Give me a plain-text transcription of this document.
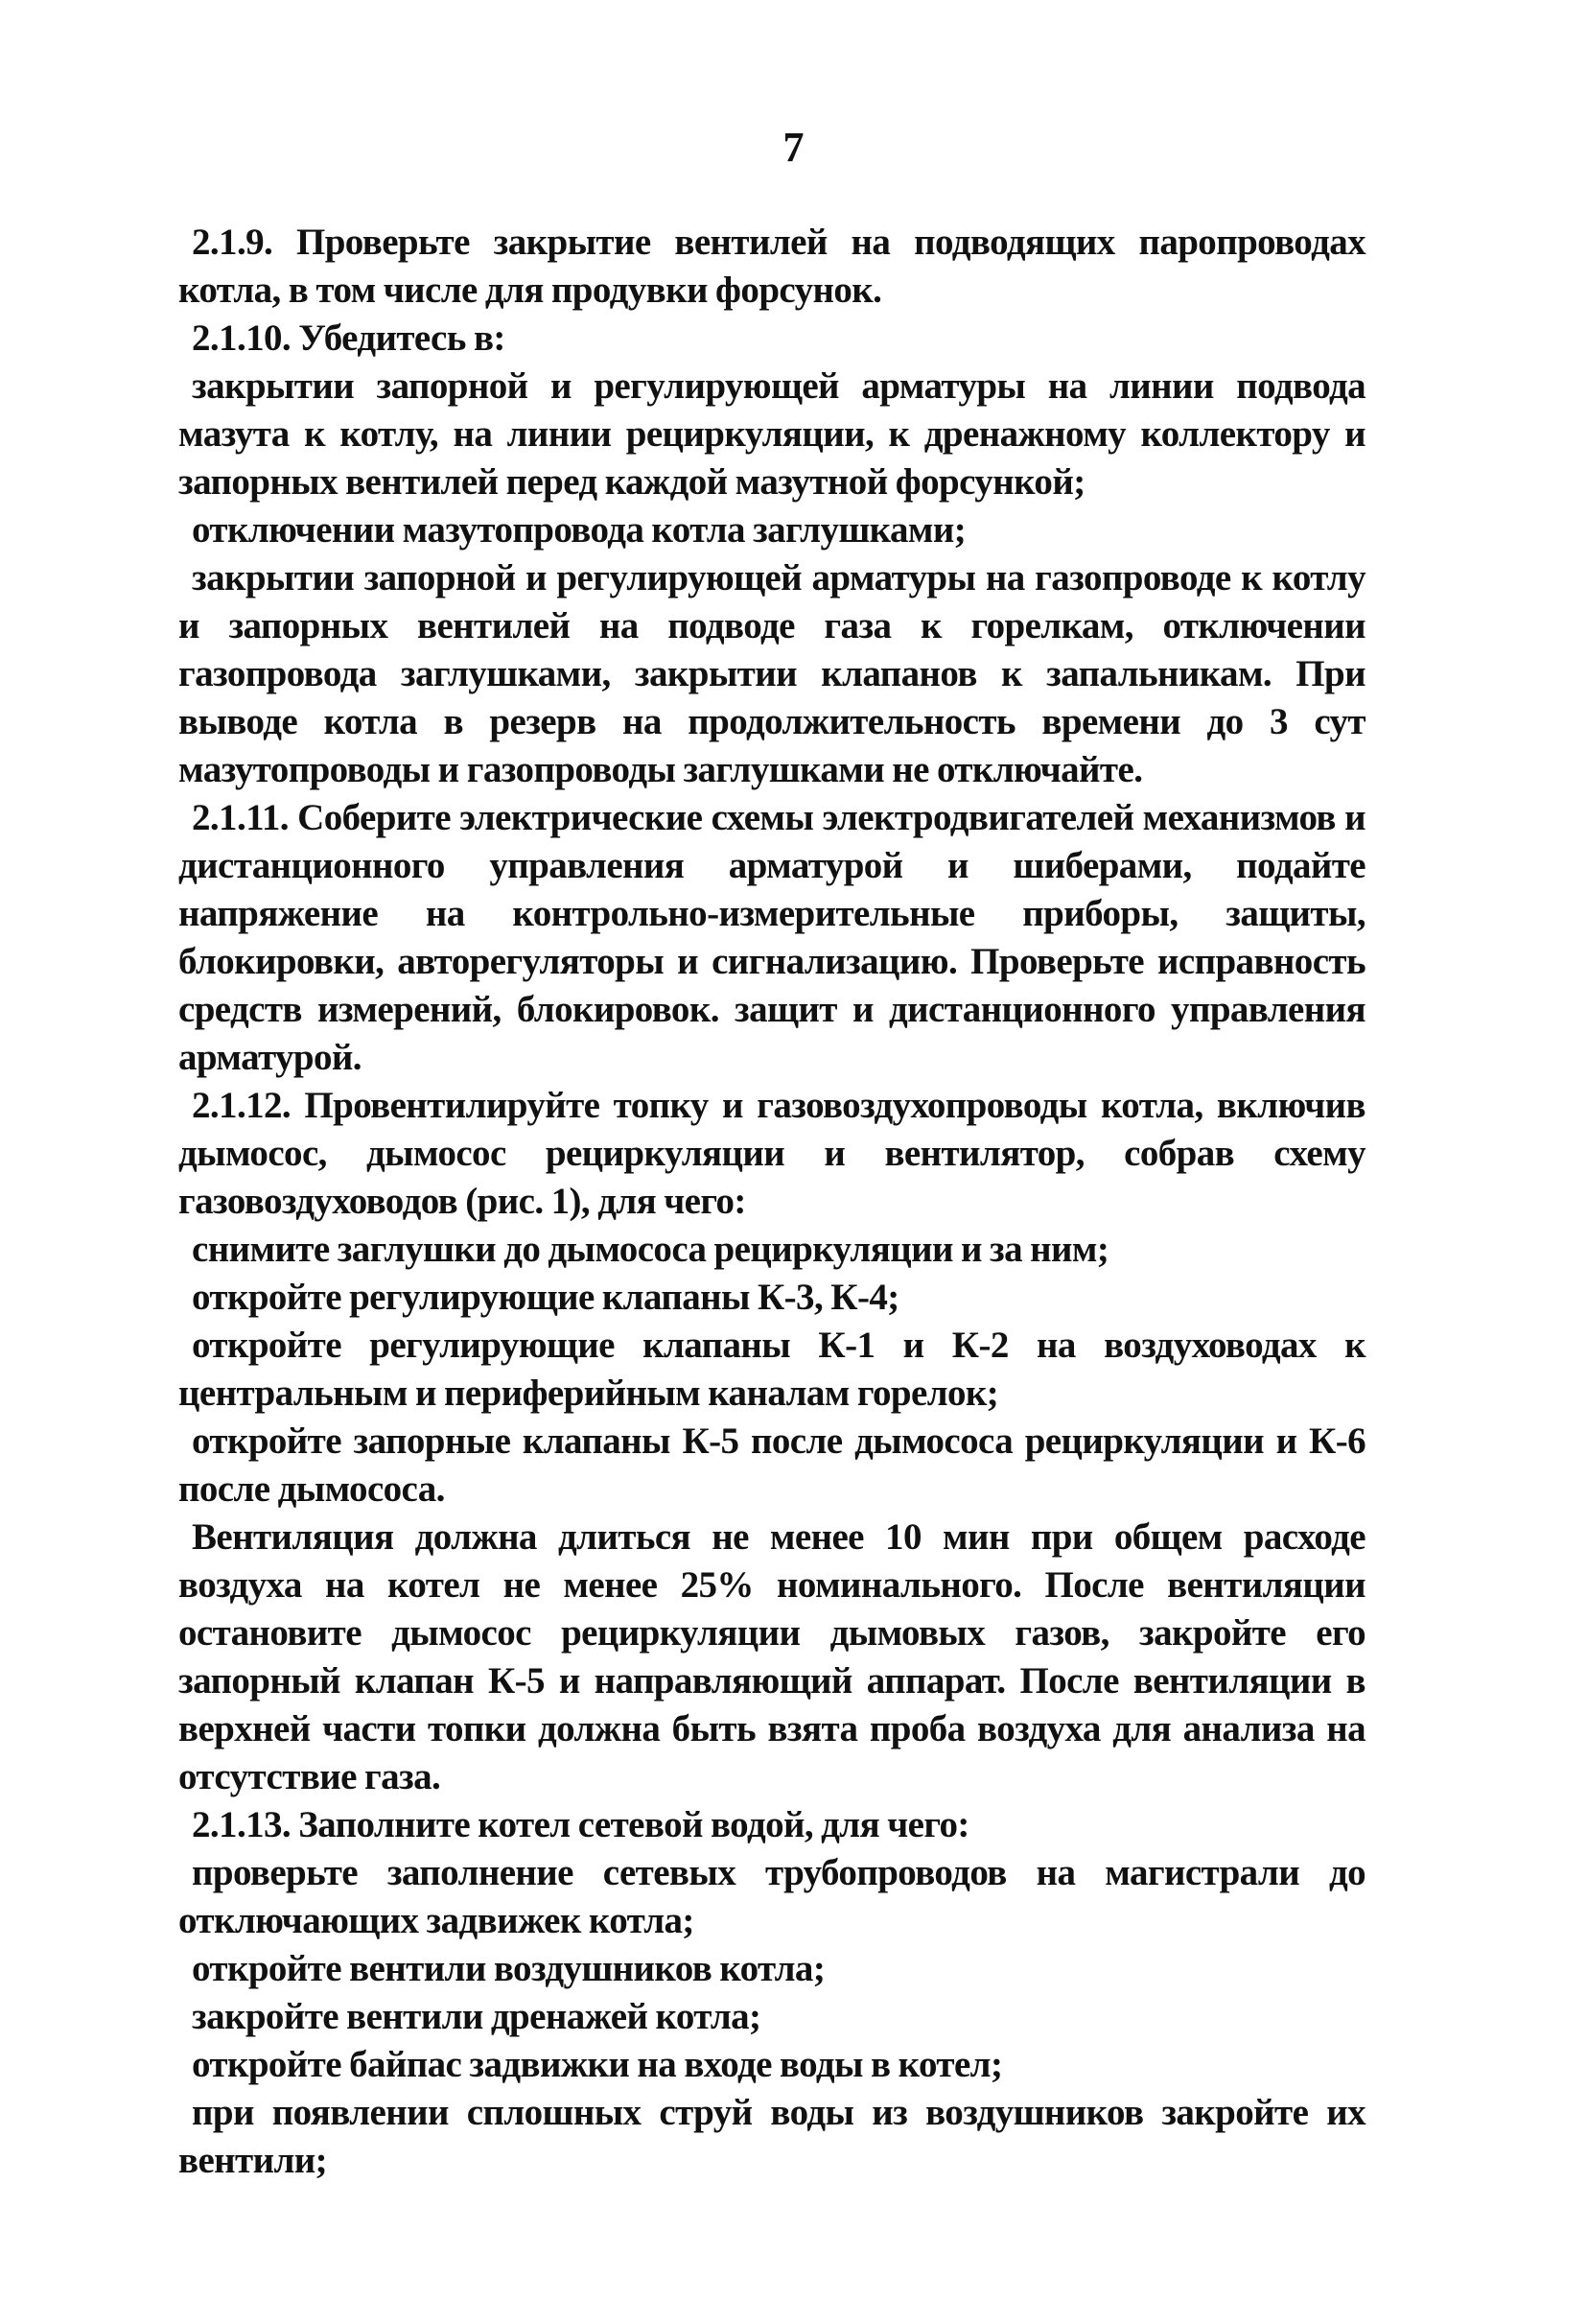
7

2.1.9. Проверьте закрытие вентилей на подводящих паропроводах котла, в том числе для продувки форсунок.

2.1.10. Убедитесь в:

закрытии запорной и регулирующей арматуры на линии подвода мазута к котлу, на линии рециркуляции, к дренажному коллектору и запорных вентилей перед каждой мазутной форсункой;

отключении мазутопровода котла заглушками;

закрытии запорной и регулирующей арматуры на газопроводе к котлу и запорных вентилей на подводе газа к горелкам, отключении газопровода заглушками, закрытии клапанов к запальникам. При выводе котла в резерв на продолжительность времени до 3 сут мазутопроводы и газопроводы заглушками не отключайте.

2.1.11. Соберите электрические схемы электродвигателей механизмов и дистанционного управления арматурой и шиберами, подайте напряжение на контрольно-измерительные приборы, защиты, блокировки, авторегуляторы и сигнализацию. Проверьте исправность средств измерений, блокировок. защит и дистанционного управления арматурой.

2.1.12. Провентилируйте топку и газовоздухопроводы котла, включив дымосос, дымосос рециркуляции и вентилятор, собрав схему газовоздуховодов (рис. 1), для чего:

снимите заглушки до дымососа рециркуляции и за ним;

откройте регулирующие клапаны К-3, К-4;

откройте регулирующие клапаны К-1 и К-2 на воздуховодах к центральным и периферийным каналам горелок;

откройте запорные клапаны К-5 после дымососа рециркуляции и К-6 после дымососа.

Вентиляция должна длиться не менее 10 мин при общем расходе воздуха на котел не менее 25% номинального. После вентиляции остановите дымосос рециркуляции дымовых газов, закройте его запорный клапан К-5 и направляющий аппарат. После вентиляции в верхней части топки должна быть взята проба воздуха для анализа на отсутствие газа.

2.1.13. Заполните котел сетевой водой, для чего:

проверьте заполнение сетевых трубопроводов на магистрали до отключающих задвижек котла;

откройте вентили воздушников котла;

закройте вентили дренажей котла;

откройте байпас задвижки на входе воды в котел;

при появлении сплошных струй воды из воздушников закройте их вентили;
